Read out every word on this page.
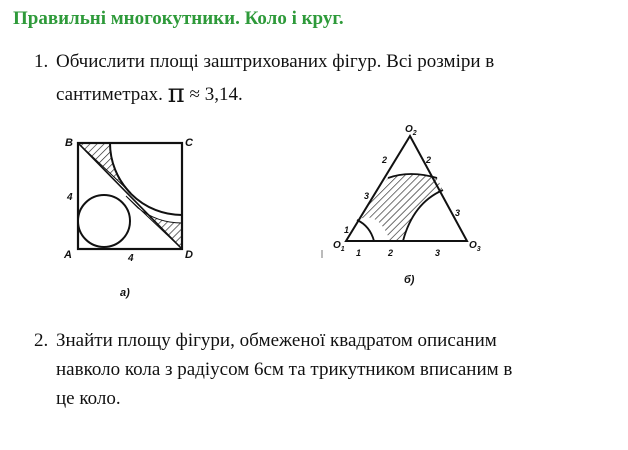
Правильні многокутники. Коло і круг.
1. Обчислити площі заштрихованих фігур. Всі розміри в
сантиметрах. π ≈ 3,14.
B	C
A	D
4
4
а)
$O_2$
$O_1$	$O_3$
2	2
3
3
1
1	2	3
б)
2. Знайти площу фігури, обмеженої квадратом описаним
навколо кола з радіусом 6см та трикутником вписаним в
це коло.
